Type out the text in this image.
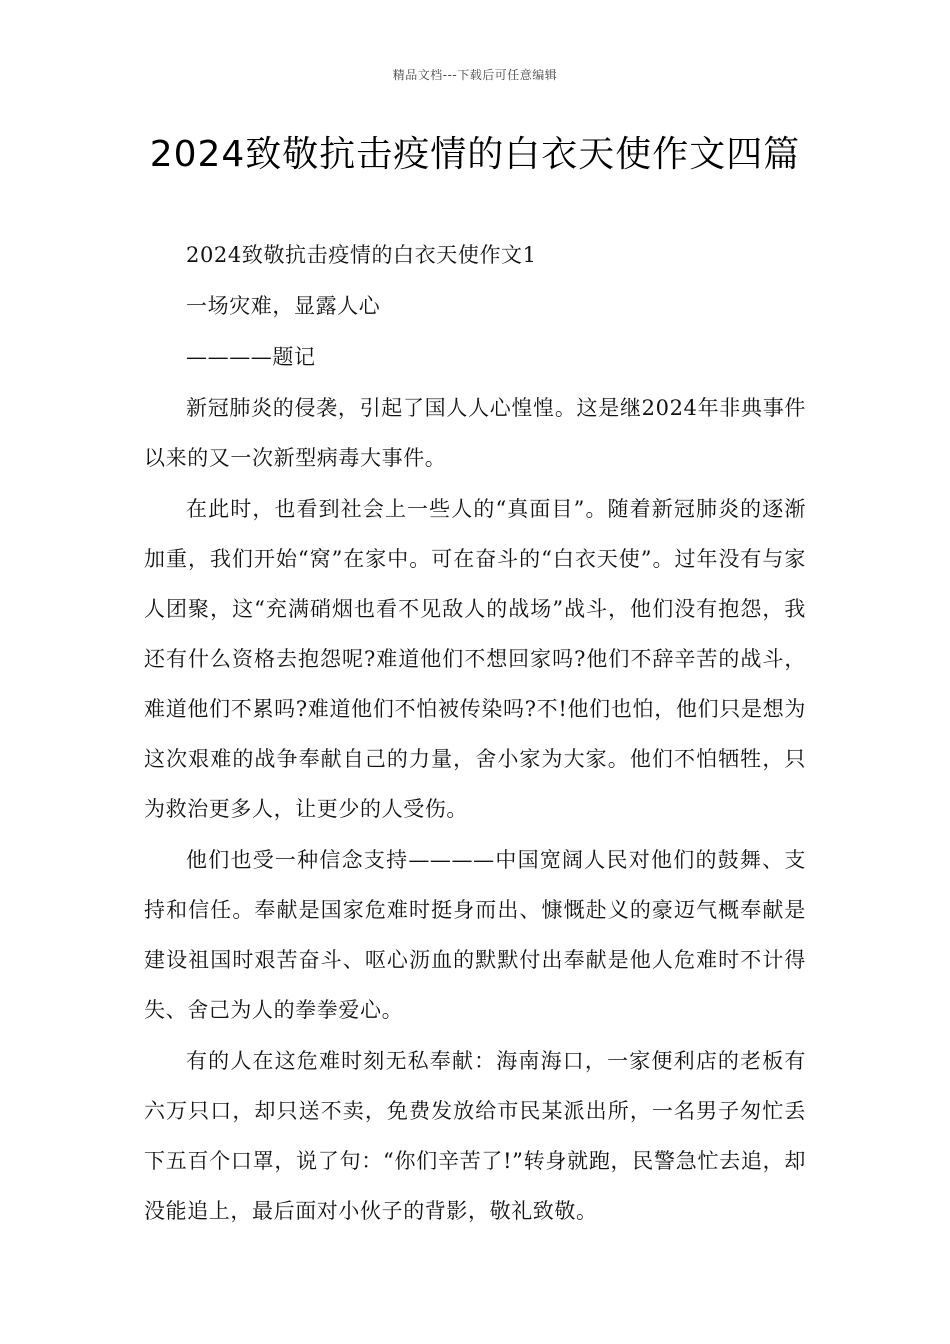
精品文档---下载后可任意编辑
2024致敬抗击疫情的白衣天使作文四篇

2024致敬抗击疫情的白衣天使作文1

一场灾难，显露人心

————题记

新冠肺炎的侵袭，引起了国人人心惶惶。这是继2024年非典事件以来的又一次新型病毒大事件。

在此时，也看到社会上一些人的“真面目”。随着新冠肺炎的逐渐加重，我们开始“窝”在家中。可在奋斗的“白衣天使”。过年没有与家人团聚，这“充满硝烟也看不见敌人的战场”战斗，他们没有抱怨，我还有什么资格去抱怨呢?难道他们不想回家吗?他们不辞辛苦的战斗，难道他们不累吗?难道他们不怕被传染吗?不!他们也怕，他们只是想为这次艰难的战争奉献自己的力量，舍小家为大家。他们不怕牺牲，只为救治更多人，让更少的人受伤。

他们也受一种信念支持————中国宽阔人民对他们的鼓舞、支持和信任。奉献是国家危难时挺身而出、慷慨赴义的豪迈气概奉献是建设祖国时艰苦奋斗、呕心沥血的默默付出奉献是他人危难时不计得失、舍己为人的拳拳爱心。

有的人在这危难时刻无私奉献：海南海口，一家便利店的老板有六万只口，却只送不卖，免费发放给市民某派出所，一名男子匆忙丢下五百个口罩，说了句：“你们辛苦了!”转身就跑，民警急忙去追，却没能追上，最后面对小伙子的背影，敬礼致敬。
